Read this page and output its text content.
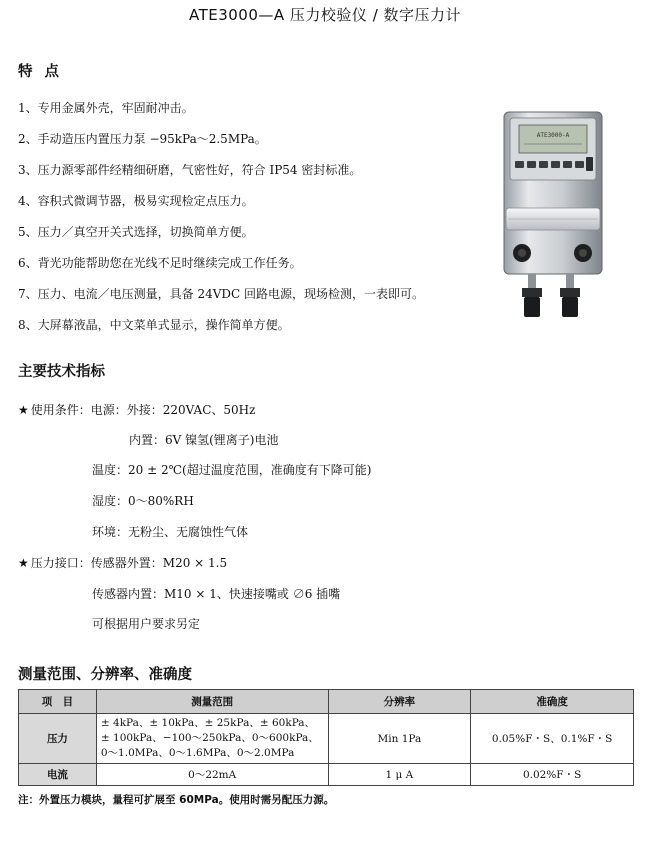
ATE3000—A 压力校验仪 / 数字压力计
特点
1、专用金属外壳，牢固耐冲击。
2、手动造压内置压力泵 −95kPa～2.5MPa。
3、压力源零部件经精细研磨，气密性好，符合 IP54 密封标准。
4、容积式微调节器，极易实现检定点压力。
5、压力／真空开关式选择，切换简单方便。
6、背光功能帮助您在光线不足时继续完成工作任务。
7、压力、电流／电压测量，具备 24VDC 回路电源，现场检测，一表即可。
8、大屏幕液晶，中文菜单式显示，操作简单方便。
ATE3000-A
主要技术指标
★ 使用条件：电源：外接：220VAC、50Hz
内置：6V 镍氢(锂离子)电池
温度：20 ± 2℃(超过温度范围，准确度有下降可能)
湿度：0～80%RH
环境：无粉尘、无腐蚀性气体
★ 压力接口：传感器外置：M20 × 1.5
传感器内置：M10 × 1、快速接嘴或 ∅6 插嘴
可根据用户要求另定
测量范围、分辨率、准确度
项　目	测量范围	分辨率	准确度
压力	± 4kPa、± 10kPa、± 25kPa、± 60kPa、± 100kPa、−100～250kPa、0～600kPa、0～1.0MPa、0～1.6MPa、0～2.0MPa	Min 1Pa	0.05%F・S、0.1%F・S
电流	0～22mA	1 μ A	0.02%F・S
注：外置压力模块，量程可扩展至 60MPa。使用时需另配压力源。
